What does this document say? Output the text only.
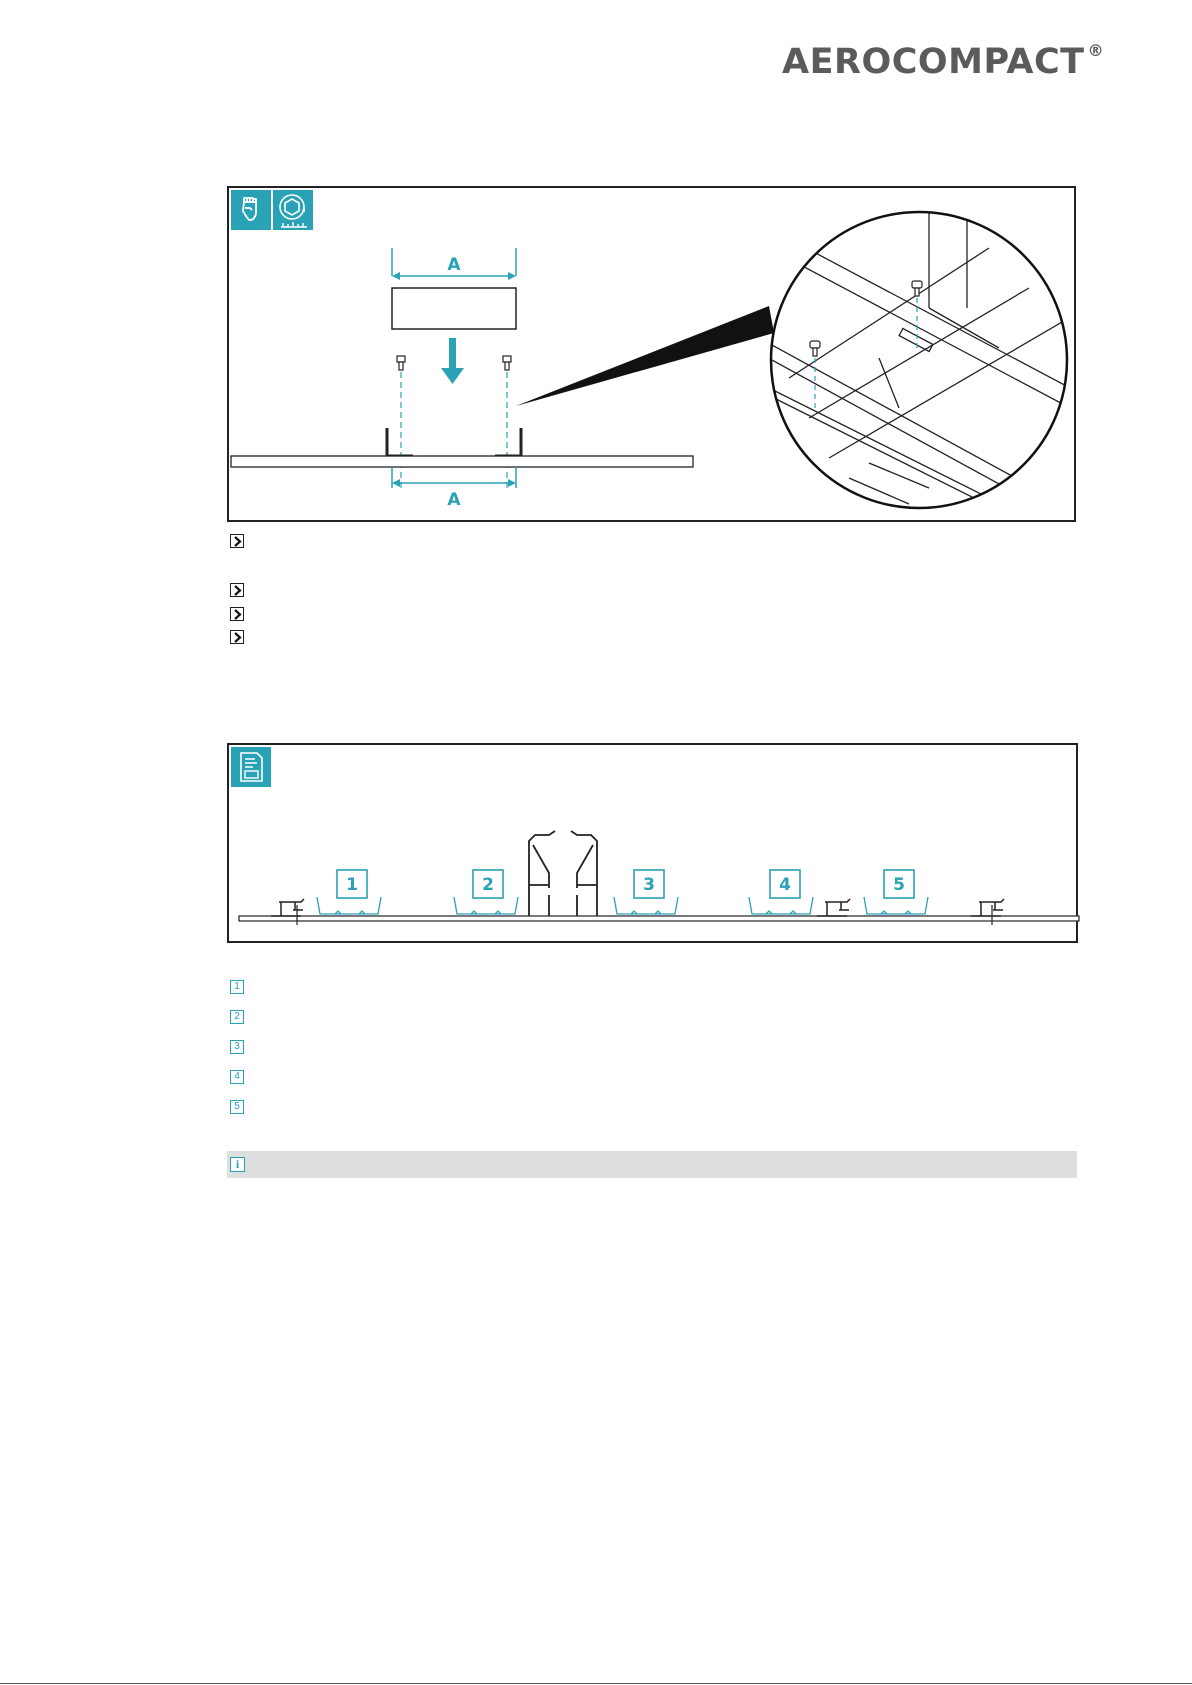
AEROCOMPACT ®
A
A
1	2	3	4	5
1
2
3
4
5
i
